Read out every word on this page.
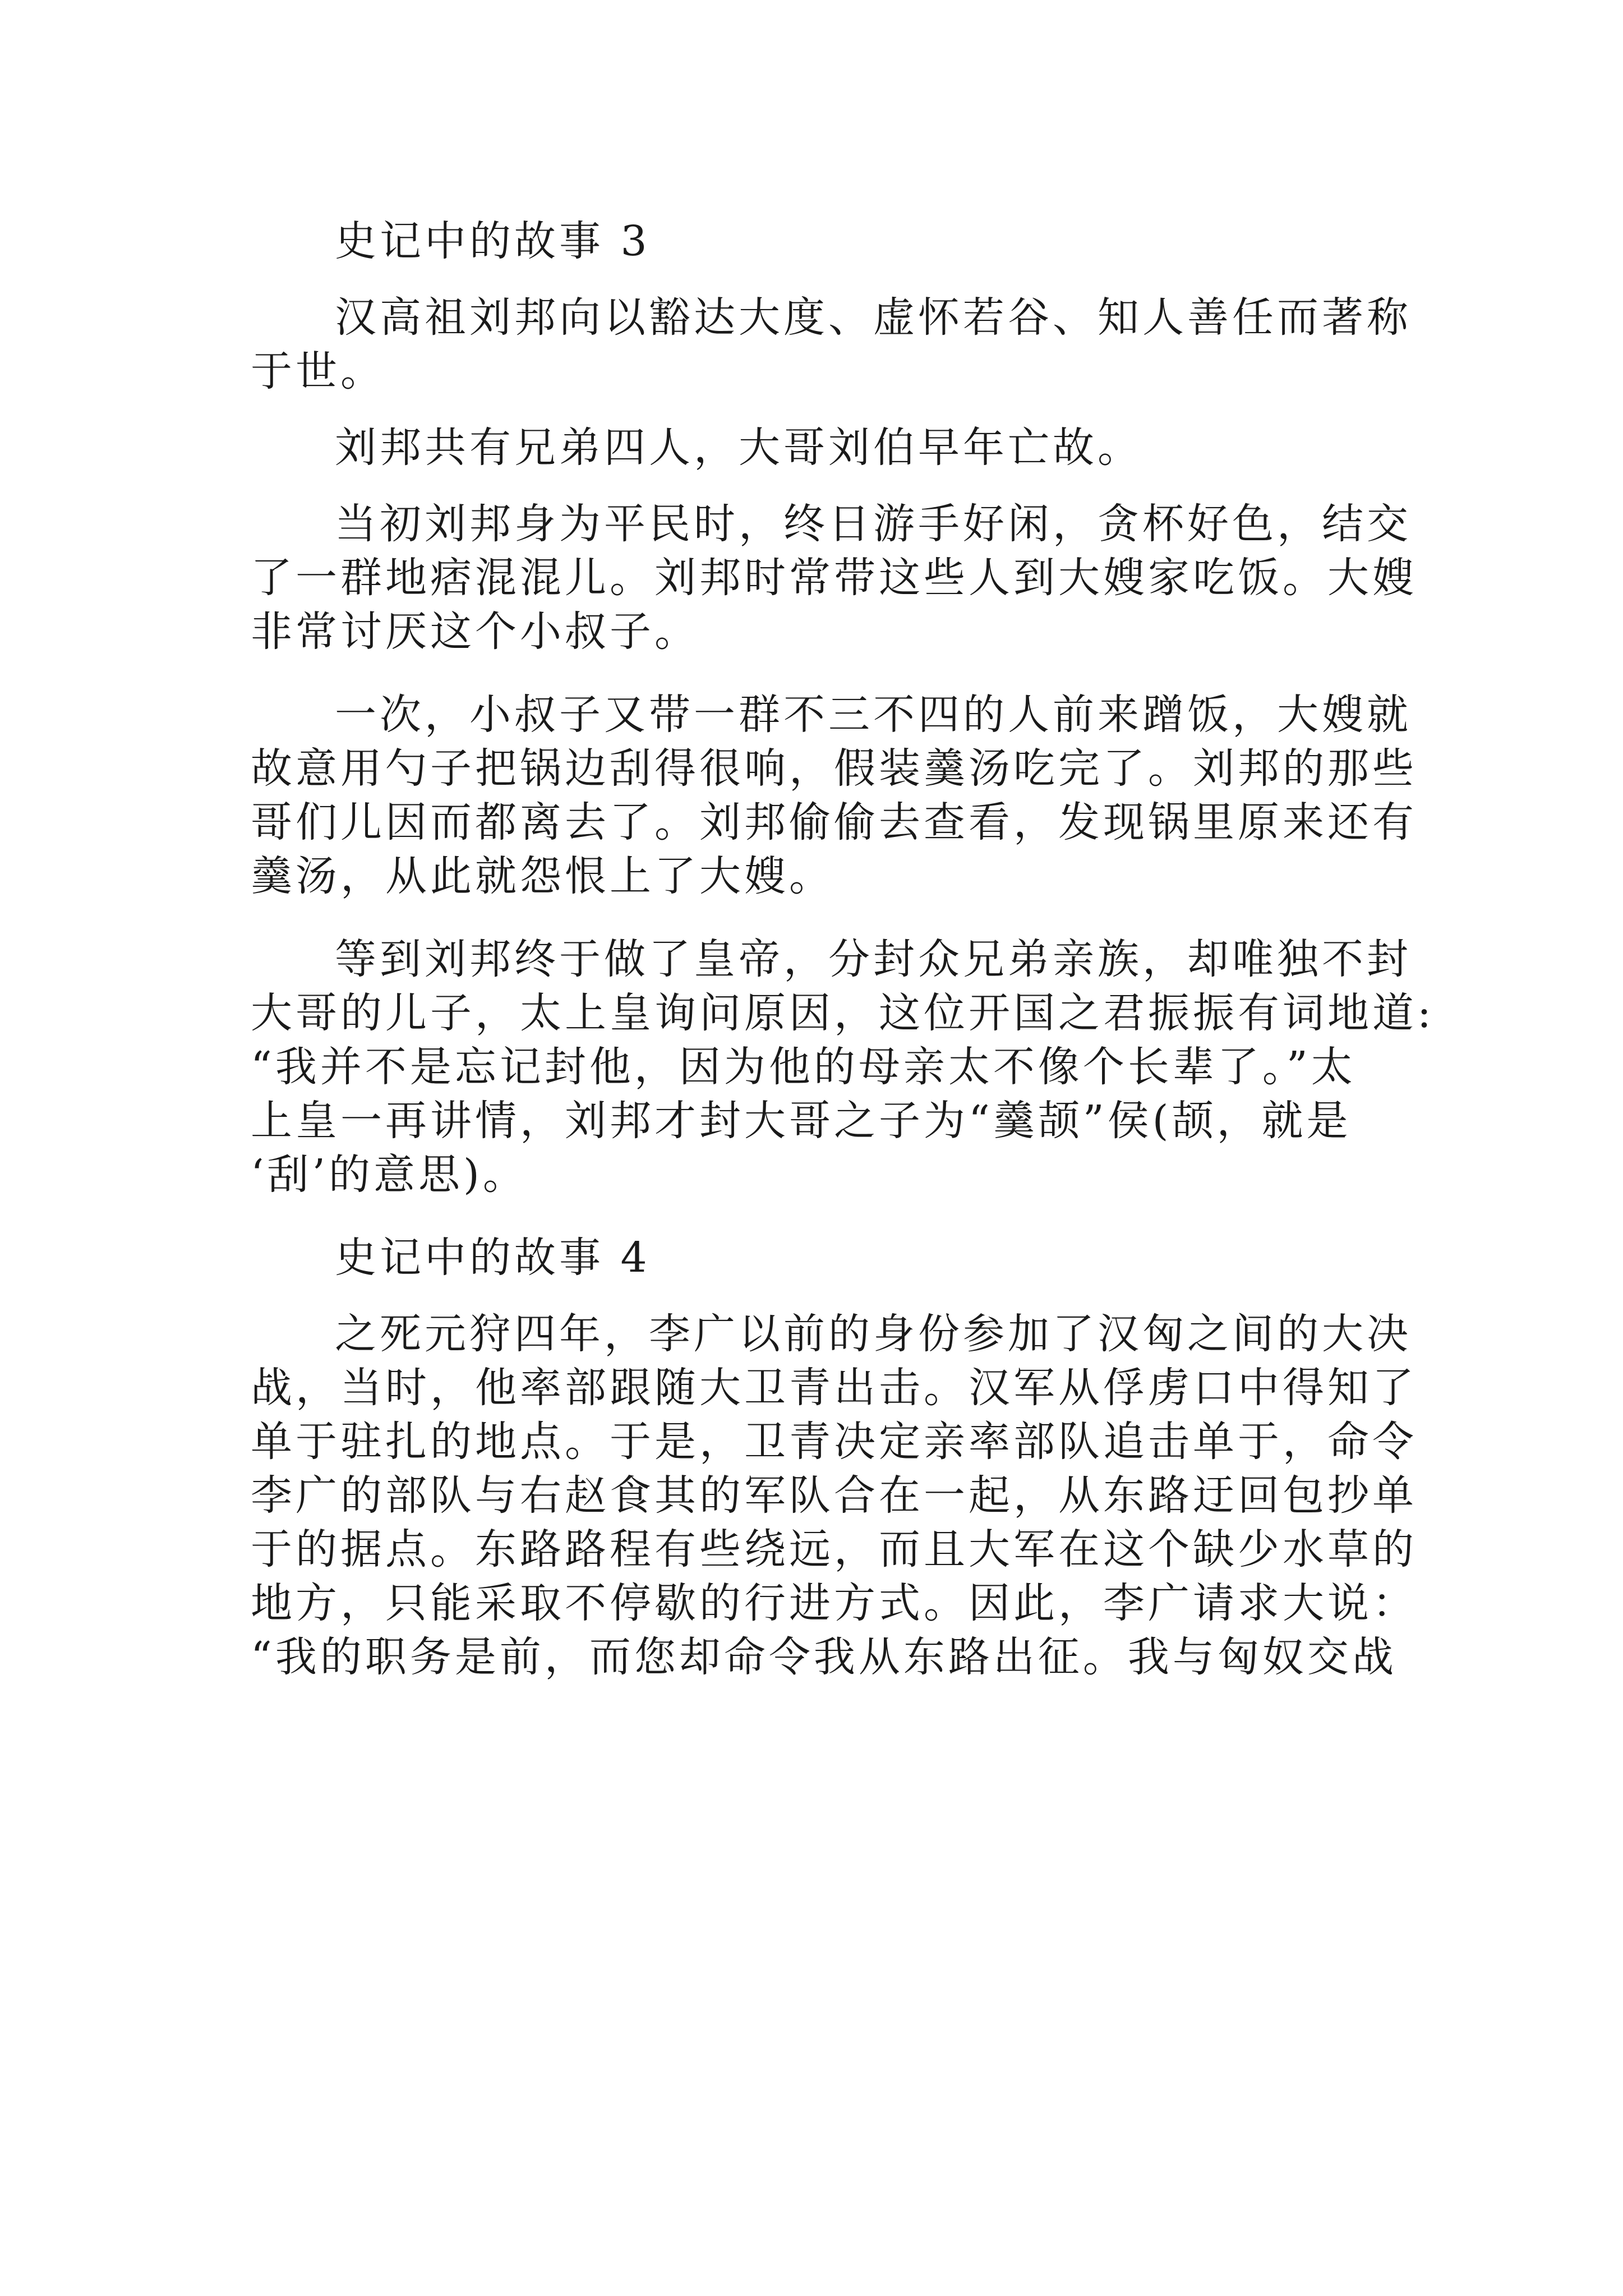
史记中的故事 3
汉高祖刘邦向以豁达大度、虚怀若谷、知人善任而著称
于世。
刘邦共有兄弟四人，大哥刘伯早年亡故。
当初刘邦身为平民时，终日游手好闲，贪杯好色，结交
了一群地痞混混儿。刘邦时常带这些人到大嫂家吃饭。大嫂
非常讨厌这个小叔子。
一次，小叔子又带一群不三不四的人前来蹭饭，大嫂就
故意用勺子把锅边刮得很响，假装羹汤吃完了。刘邦的那些
哥们儿因而都离去了。刘邦偷偷去查看，发现锅里原来还有
羹汤，从此就怨恨上了大嫂。
等到刘邦终于做了皇帝，分封众兄弟亲族，却唯独不封
大哥的儿子，太上皇询问原因，这位开国之君振振有词地道:
“我并不是忘记封他，因为他的母亲太不像个长辈了。”太
上皇一再讲情，刘邦才封大哥之子为“羹颉”侯(颉，就是
‘刮’的意思)。
史记中的故事 4
之死元狩四年，李广以前的身份参加了汉匈之间的大决
战，当时，他率部跟随大卫青出击。汉军从俘虏口中得知了
单于驻扎的地点。于是，卫青决定亲率部队追击单于，命令
李广的部队与右赵食其的军队合在一起，从东路迂回包抄单
于的据点。东路路程有些绕远，而且大军在这个缺少水草的
地方，只能采取不停歇的行进方式。因此，李广请求大说：
“我的职务是前，而您却命令我从东路出征。我与匈奴交战
